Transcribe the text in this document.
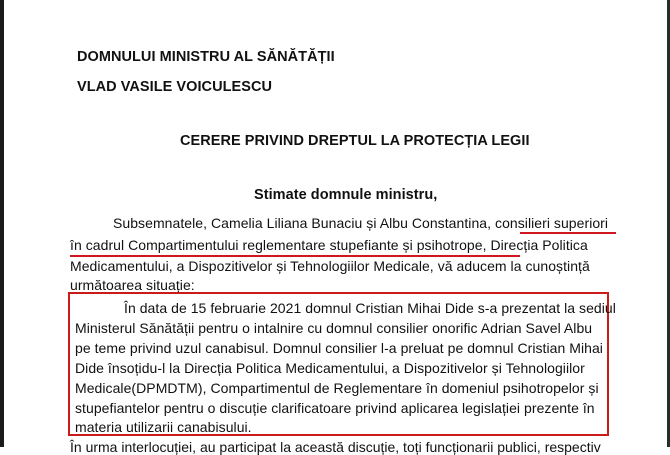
DOMNULUI MINISTRU AL SĂNĂTĂȚII
VLAD VASILE VOICULESCU
CERERE PRIVIND DREPTUL LA PROTECȚIA LEGII
Stimate domnule ministru,
Subsemnatele, Camelia Liliana Bunaciu și Albu Constantina, consilieri superiori
în cadrul Compartimentului reglementare stupefiante și psihotrope, Direcția Politica
Medicamentului, a Dispozitivelor și Tehnologiilor Medicale, vă aducem la cunoștință
următoarea situație:
În data de 15 februarie 2021 domnul Cristian Mihai Dide s-a prezentat la sediul
Ministerul Sănătății pentru o intalnire cu domnul consilier onorific Adrian Savel Albu
pe teme privind uzul canabisul. Domnul consilier l-a preluat pe domnul Cristian Mihai
Dide însoțidu-l la Direcția Politica Medicamentului, a Dispozitivelor și Tehnologiilor
Medicale(DPMDTM), Compartimentul de Reglementare în domeniul psihotropelor și
stupefiantelor pentru o discuție clarificatoare privind aplicarea legislației prezente în
materia utilizarii canabisului.
În urma interlocuției, au participat la această discuție, toți funcționarii publici, respectiv
